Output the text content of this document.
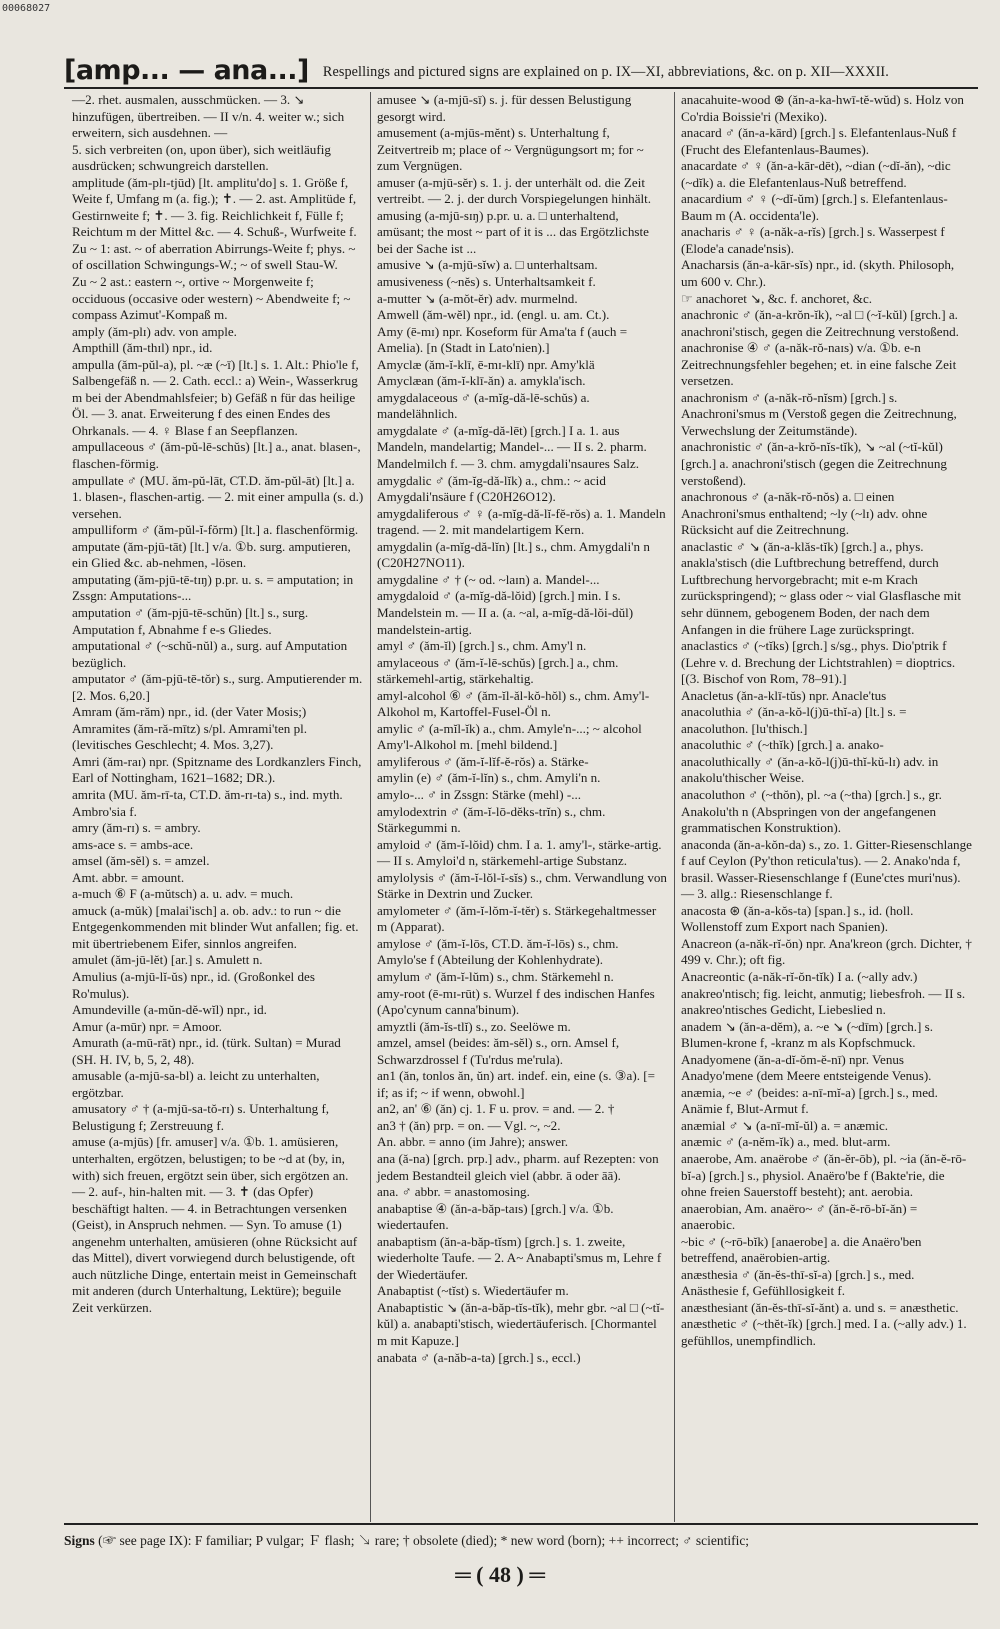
00068027
[amp... — ana...] Respellings and pictured signs are explained on p. IX—XI, abbreviations, &c. on p. XII—XXXII.

—2. rhet. ausmalen, ausschmücken. — 3. ↘ hinzufügen, übertreiben. — II v/n. 4. weiter w.; sich erweitern, sich ausdehnen. —

5. sich verbreiten (on, upon über), sich weitläufig ausdrücken; schwungreich darstellen.

amplitude (ǎm-plɪ-tjūd) [lt. amplitu'do] s. 1. Größe f, Weite f, Umfang m (a. fig.); ✝. — 2. ast. Amplitüde f, Gestirnweite f; ✝. — 3. fig. Reichlichkeit f, Fülle f; Reichtum m der Mittel &c. — 4. Schuß-, Wurfweite f.

Zu ~ 1: ast. ~ of aberration Abirrungs-Weite f; phys. ~ of oscillation Schwingungs-W.; ~ of swell Stau-W.

Zu ~ 2 ast.: eastern ~, ortive ~ Morgenweite f; occiduous (occasive oder western) ~ Abendweite f; ~ compass Azimut'-Kompaß m.

amply (ǎm-plɪ) adv. von ample.

Ampthill (ǎm-thɪl) npr., id.

ampulla (ǎm-pŭl-a), pl. ~æ (~ī) [lt.] s. 1. Alt.: Phio'le f, Salbengefäß n. — 2. Cath. eccl.: a) Wein-, Wasserkrug m bei der Abendmahlsfeier; b) Gefäß n für das heilige Öl. — 3. anat. Erweiterung f des einen Endes des Ohrkanals. — 4. ♀ Blase f an Seepflanzen.

ampullaceous ♂ (ǎm-pŭ-lē-schŭs) [lt.] a., anat. blasen-, flaschen-förmig.

ampullate ♂ (MU. ǎm-pŭ-lāt, CT.D. ǎm-pŭl-āt) [lt.] a. 1. blasen-, flaschen-artig. — 2. mit einer ampulla (s. d.) versehen.

ampulliform ♂ (ǎm-pŭl-ĭ-fŏrm) [lt.] a. flaschenförmig.

amputate (ǎm-pjū-tāt) [lt.] v/a. ①b. surg. amputieren, ein Glied &c. ab-nehmen, -lösen.

amputating (ǎm-pjū-tē-tɪŋ) p.pr. u. s. = amputation; in Zssgn: Amputations-...

amputation ♂ (ǎm-pjū-tē-schŭn) [lt.] s., surg. Amputation f, Abnahme f e-s Gliedes.

amputational ♂ (~schŭ-nŭl) a., surg. auf Amputation bezüglich.

amputator ♂ (ǎm-pjū-tē-tŏr) s., surg. Amputierender m. [2. Mos. 6,20.]

Amram (ǎm-rǎm) npr., id. (der Vater Mosis;)

Amramites (ǎm-rǎ-mītz) s/pl. Amrami'ten pl. (levitisches Geschlecht; 4. Mos. 3,27).

Amri (ǎm-raɪ) npr. (Spitzname des Lordkanzlers Finch, Earl of Nottingham, 1621–1682; DR.).

amrita (MU. ǎm-rī-ta, CT.D. ǎm-rɪ-ta) s., ind. myth. Ambro'sia f.

amry (ǎm-rɪ) s. = ambry.

ams-ace s. = ambs-ace.

amsel (ǎm-sĕl) s. = amzel.

Amt. abbr. = amount.

a-much ⑥ F (a-mŭtsch) a. u. adv. = much.

amuck (a-mŭk) [malai'isch] a. ob. adv.: to run ~ die Entgegenkommenden mit blinder Wut anfallen; fig. et. mit übertriebenem Eifer, sinnlos angreifen.

amulet (ǎm-jū-lĕt) [ar.] s. Amulett n.

Amulius (a-mjū-lĭ-ŭs) npr., id. (Großonkel des Ro'mulus).

Amundeville (a-mŭn-dĕ-wĭl) npr., id.

Amur (a-mūr) npr. = Amoor.

Amurath (a-mū-rāt) npr., id. (türk. Sultan) = Murad (SH. H. IV, b, 5, 2, 48).

amusable (a-mjū-sa-bl) a. leicht zu unterhalten, ergötzbar.

amusatory ♂ † (a-mjū-sa-tŏ-rɪ) s. Unterhaltung f, Belustigung f; Zerstreuung f.

amuse (a-mjūs) [fr. amuser] v/a. ①b. 1. amüsieren, unterhalten, ergötzen, belustigen; to be ~d at (by, in, with) sich freuen, ergötzt sein über, sich ergötzen an. — 2. auf-, hin-halten mit. — 3. ✝ (das Opfer) beschäftigt halten. — 4. in Betrachtungen versenken (Geist), in Anspruch nehmen. — Syn. To amuse (1) angenehm unterhalten, amüsieren (ohne Rücksicht auf das Mittel), divert vorwiegend durch belustigende, oft auch nützliche Dinge, entertain meist in Gemeinschaft mit anderen (durch Unterhaltung, Lektüre); beguile Zeit verkürzen.

amusee ↘ (a-mjū-sī) s. j. für dessen Belustigung gesorgt wird.

amusement (a-mjūs-mĕnt) s. Unterhaltung f, Zeitvertreib m; place of ~ Vergnügungsort m; for ~ zum Vergnügen.

amuser (a-mjū-sĕr) s. 1. j. der unterhält od. die Zeit vertreibt. — 2. j. der durch Vorspiegelungen hinhält.

amusing (a-mjū-sɪŋ) p.pr. u. a. □ unterhaltend, amüsant; the most ~ part of it is ... das Ergötzlichste bei der Sache ist ...

amusive ↘ (a-mjū-sĭw) a. □ unterhaltsam.

amusiveness (~nĕs) s. Unterhaltsamkeit f.

a-mutter ↘ (a-mŏt-ĕr) adv. murmelnd.

Amwell (ǎm-wĕl) npr., id. (engl. u. am. Ct.).

Amy (ē-mɪ) npr. Koseform für Ama'ta f (auch = Amelia). [n (Stadt in Lato'nien).]

Amyclæ (ǎm-ĭ-klī, ē-mɪ-klī) npr. Amy'klä

Amyclæan (ǎm-ĭ-klī-ǎn) a. amykla'isch.

amygdalaceous ♂ (a-mĭg-dă-lē-schŭs) a. mandelähnlich.

amygdalate ♂ (a-mĭg-dă-lēt) [grch.] I a. 1. aus Mandeln, mandelartig; Mandel-... — II s. 2. pharm. Mandelmilch f. — 3. chm. amygdali'nsaures Salz.

amygdalic ♂ (ǎm-ĭg-dǎ-lĭk) a., chm.: ~ acid Amygdali'nsäure f (C20H26O12).

amygdaliferous ♂ ♀ (a-mĭg-dă-lĭ-fĕ-rŏs) a. 1. Mandeln tragend. — 2. mit mandelartigem Kern.

amygdalin (a-mĭg-dă-lĭn) [lt.] s., chm. Amygdali'n n (C20H27NO11).

amygdaline ♂ † (~ od. ~laɪn) a. Mandel-...

amygdaloid ♂ (a-mĭg-dă-lŏid) [grch.] min. I s. Mandelstein m. — II a. (a. ~al, a-mĭg-dă-lŏi-dŭl) mandelstein-artig.

amyl ♂ (ǎm-ĭl) [grch.] s., chm. Amy'l n.

amylaceous ♂ (ǎm-ĭ-lē-schŭs) [grch.] a., chm. stärkemehl-artig, stärkehaltig.

amyl-alcohol ⑥ ♂ (ǎm-ĭl-ǎl-kŏ-hŏl) s., chm. Amy'l-Alkohol m, Kartoffel-Fusel-Öl n.

amylic ♂ (a-mĭl-ĭk) a., chm. Amyle'n-...; ~ alcohol Amy'l-Alkohol m. [mehl bildend.]

amyliferous ♂ (ǎm-ĭ-lĭf-ĕ-rŏs) a. Stärke-

amylin (e) ♂ (ǎm-ĭ-lĭn) s., chm. Amyli'n n.

amylo-... ♂ in Zssgn: Stärke (mehl) -...

amylodextrin ♂ (ǎm-ĭ-lō-dĕks-trĭn) s., chm. Stärkegummi n.

amyloid ♂ (ǎm-ĭ-lŏid) chm. I a. 1. amy'l-, stärke-artig. — II s. Amyloi'd n, stärkemehl-artige Substanz.

amylolysis ♂ (ǎm-ĭ-lŏl-ĭ-sĭs) s., chm. Verwandlung von Stärke in Dextrin und Zucker.

amylometer ♂ (ǎm-ĭ-lŏm-ĭ-tĕr) s. Stärkegehaltmesser m (Apparat).

amylose ♂ (ǎm-ĭ-lōs, CT.D. ǎm-ĭ-lōs) s., chm. Amylo'se f (Abteilung der Kohlenhydrate).

amylum ♂ (ǎm-ĭ-lŭm) s., chm. Stärkemehl n.

amy-root (ē-mɪ-rūt) s. Wurzel f des indischen Hanfes (Apo'cynum canna'binum).

amyztli (ǎm-ĭs-tlĭ) s., zo. Seelöwe m.

amzel, amsel (beides: ǎm-sĕl) s., orn. Amsel f, Schwarzdrossel f (Tu'rdus me'rula).

an1 (ǎn, tonlos ăn, ŭn) art. indef. ein, eine (s. ③a). [= if; as if; ~ if wenn, obwohl.]

an2, an' ⑥ (ǎn) cj. 1. F u. prov. = and. — 2. †

an3 † (ǎn) prp. = on. — Vgl. ~, ~2.

An. abbr. = anno (im Jahre); answer.

ana (ǎ-na) [grch. prp.] adv., pharm. auf Rezepten: von jedem Bestandteil gleich viel (abbr. ā oder āā).

ana. ♂ abbr. = anastomosing.

anabaptise ④ (ǎn-a-bǎp-taɪs) [grch.] v/a. ①b. wiedertaufen.

anabaptism (ǎn-a-bǎp-tĭsm) [grch.] s. 1. zweite, wiederholte Taufe. — 2. A~ Anabapti'smus m, Lehre f der Wiedertäufer.

Anabaptist (~tĭst) s. Wiedertäufer m.

Anabaptistic ↘ (ǎn-a-bǎp-tĭs-tĭk), mehr gbr. ~al □ (~tĭ-kŭl) a. anabapti'stisch, wiedertäuferisch. [Chormantel m mit Kapuze.]

anabata ♂ (a-nǎb-a-ta) [grch.] s., eccl.)

anacahuite-wood ⊛ (ǎn-a-ka-hwī-tĕ-wŭd) s. Holz von Co'rdia Boissie'ri (Mexiko).

anacard ♂ (ǎn-a-kārd) [grch.] s. Elefantenlaus-Nuß f (Frucht des Elefantenlaus-Baumes).

anacardate ♂ ♀ (ǎn-a-kār-dēt), ~dian (~dĭ-ǎn), ~dic (~dĭk) a. die Elefantenlaus-Nuß betreffend.

anacardium ♂ ♀ (~dĭ-ŭm) [grch.] s. Elefantenlaus-Baum m (A. occidenta'le).

anacharis ♂ ♀ (a-nǎk-a-rĭs) [grch.] s. Wasserpest f (Elode'a canade'nsis).

Anacharsis (ǎn-a-kār-sĭs) npr., id. (skyth. Philosoph, um 600 v. Chr.).

☞ anachoret ↘, &c. f. anchoret, &c.

anachronic ♂ (ǎn-a-krŏn-ĭk), ~al □ (~ĭ-kŭl) [grch.] a. anachroni'stisch, gegen die Zeitrechnung verstoßend.

anachronise ④ ♂ (a-nǎk-rŏ-naɪs) v/a. ①b. e-n Zeitrechnungsfehler begehen; et. in eine falsche Zeit versetzen.

anachronism ♂ (a-nǎk-rŏ-nĭsm) [grch.] s. Anachroni'smus m (Verstoß gegen die Zeitrechnung, Verwechslung der Zeitumstände).

anachronistic ♂ (ǎn-a-krŏ-nĭs-tĭk), ↘ ~al (~tĭ-kŭl) [grch.] a. anachroni'stisch (gegen die Zeitrechnung verstoßend).

anachronous ♂ (a-nǎk-rŏ-nŏs) a. □ einen Anachroni'smus enthaltend; ~ly (~lɪ) adv. ohne Rücksicht auf die Zeitrechnung.

anaclastic ♂ ↘ (ǎn-a-klǎs-tĭk) [grch.] a., phys. anakla'stisch (die Luftbrechung betreffend, durch Luftbrechung hervorgebracht; mit e-m Krach zurückspringend); ~ glass oder ~ vial Glasflasche mit sehr dünnem, gebogenem Boden, der nach dem Anfangen in die frühere Lage zurückspringt.

anaclastics ♂ (~tĭks) [grch.] s/sg., phys. Dio'ptrik f (Lehre v. d. Brechung der Lichtstrahlen) = dioptrics. [(3. Bischof von Rom, 78–91).]

Anacletus (ǎn-a-klī-tŭs) npr. Anacle'tus

anacoluthia ♂ (ǎn-a-kŏ-l(j)ū-thĭ-a) [lt.] s. = anacoluthon. [lu'thisch.]

anacoluthic ♂ (~thĭk) [grch.] a. anako-

anacoluthically ♂ (ǎn-a-kŏ-l(j)ū-thĭ-kŭ-lɪ) adv. in anakolu'thischer Weise.

anacoluthon ♂ (~thŏn), pl. ~a (~tha) [grch.] s., gr. Anakolu'th n (Abspringen von der angefangenen grammatischen Konstruktion).

anaconda (ǎn-a-kŏn-da) s., zo. 1. Gitter-Riesenschlange f auf Ceylon (Py'thon reticula'tus). — 2. Anako'nda f, brasil. Wasser-Riesenschlange f (Eune'ctes muri'nus). — 3. allg.: Riesenschlange f.

anacosta ⊛ (ǎn-a-kŏs-ta) [span.] s., id. (holl. Wollenstoff zum Export nach Spanien).

Anacreon (a-nǎk-rĭ-ŏn) npr. Ana'kreon (grch. Dichter, † 499 v. Chr.); oft fig.

Anacreontic (a-nǎk-rĭ-ŏn-tĭk) I a. (~ally adv.) anakreo'ntisch; fig. leicht, anmutig; liebesfroh. — II s. anakreo'ntisches Gedicht, Liebeslied n.

anadem ↘ (ǎn-a-dĕm), a. ~e ↘ (~dīm) [grch.] s. Blumen-krone f, -kranz m als Kopfschmuck.

Anadyomene (ǎn-a-dĭ-ŏm-ĕ-nī) npr. Venus Anadyo'mene (dem Meere entsteigende Venus).

anæmia, ~e ♂ (beides: a-nī-mĭ-a) [grch.] s., med. Anämie f, Blut-Armut f.

anæmial ♂ ↘ (a-nī-mĭ-ŭl) a. = anæmic.

anæmic ♂ (a-nĕm-ĭk) a., med. blut-arm.

anaerobe, Am. anaërobe ♂ (ǎn-ĕr-ōb), pl. ~ia (ǎn-ĕ-rō-bĭ-a) [grch.] s., physiol. Anaëro'be f (Bakte'rie, die ohne freien Sauerstoff besteht); ant. aerobia.

anaerobian, Am. anaëro~ ♂ (ǎn-ĕ-rō-bĭ-ǎn) = anaerobic.

~bic ♂ (~rō-bĭk) [anaerobe] a. die Anaëro'ben betreffend, anaërobien-artig.

anæsthesia ♂ (ǎn-ĕs-thī-sĭ-a) [grch.] s., med. Anästhesie f, Gefühllosigkeit f.

anæsthesiant (ǎn-ĕs-thī-sĭ-ǎnt) a. und s. = anæsthetic.

anæsthetic ♂ (~thĕt-ĭk) [grch.] med. I a. (~ally adv.) 1. gefühllos, unempfindlich.

Signs (☞ see page IX): F familiar; P vulgar; Ｆ flash; ↘ rare; † obsolete (died); * new word (born); ++ incorrect; ♂ scientific;
═ ( 48 ) ═
